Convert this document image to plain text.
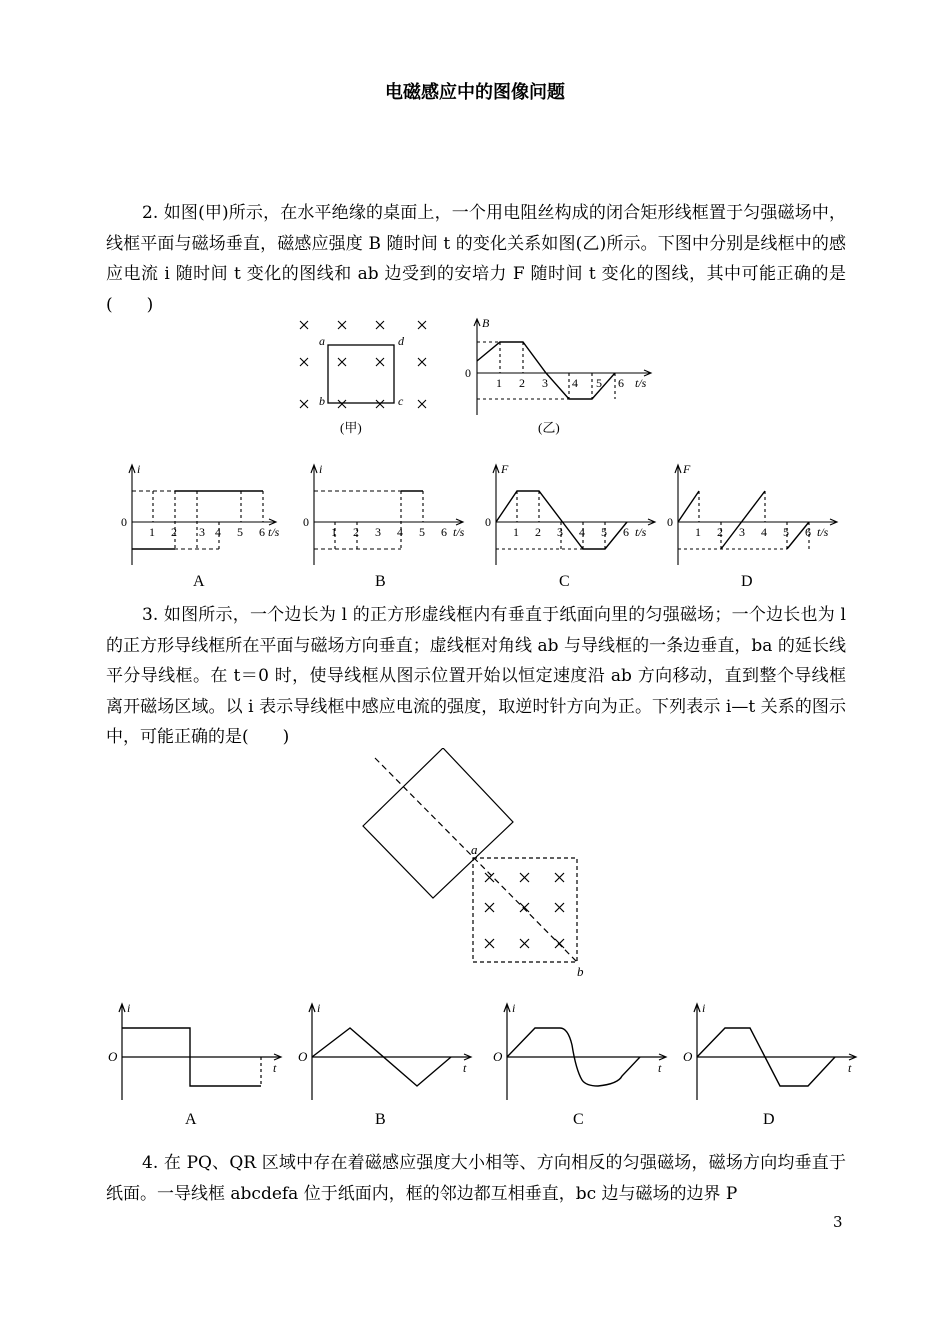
电磁感应中的图像问题

2. 如图(甲)所示，在水平绝缘的桌面上，一个用电阻丝构成的闭合矩形线框置于匀强磁场中，线框平面与磁场垂直，磁感应强度 B 随时间 t 的变化关系如图(乙)所示。下图中分别是线框中的感应电流 i 随时间 t 变化的图线和 ab 边受到的安培力 F 随时间 t 变化的图线，其中可能正确的是(　　)

a	d
b	c
(甲)
B
0
1 2 3 4 5 6 t/s
(乙)
i
0
1 2 3 4 5 6 t/s
A
i
0
1 2 3 4 5 6 t/s
B
F
0
1 2 3 4 5 6 t/s
C
F
0
1 2 3 4 5 6 t/s
D

3. 如图所示，一个边长为 l 的正方形虚线框内有垂直于纸面向里的匀强磁场；一个边长也为 l 的正方形导线框所在平面与磁场方向垂直；虚线框对角线 ab 与导线框的一条边垂直，ba 的延长线平分导线框。在 t＝0 时，使导线框从图示位置开始以恒定速度沿 ab 方向移动，直到整个导线框离开磁场区域。以 i 表示导线框中感应电流的强度，取逆时针方向为正。下列表示 i—t 关系的图示中，可能正确的是(　　)

a
b
i
O
t
A
i
O
t
B
i
O
t
C
i
O
t
D

4. 在 PQ、QR 区域中存在着磁感应强度大小相等、方向相反的匀强磁场，磁场方向均垂直于纸面。一导线框 abcdefa 位于纸面内，框的邻边都互相垂直，bc 边与磁场的边界 P

3
